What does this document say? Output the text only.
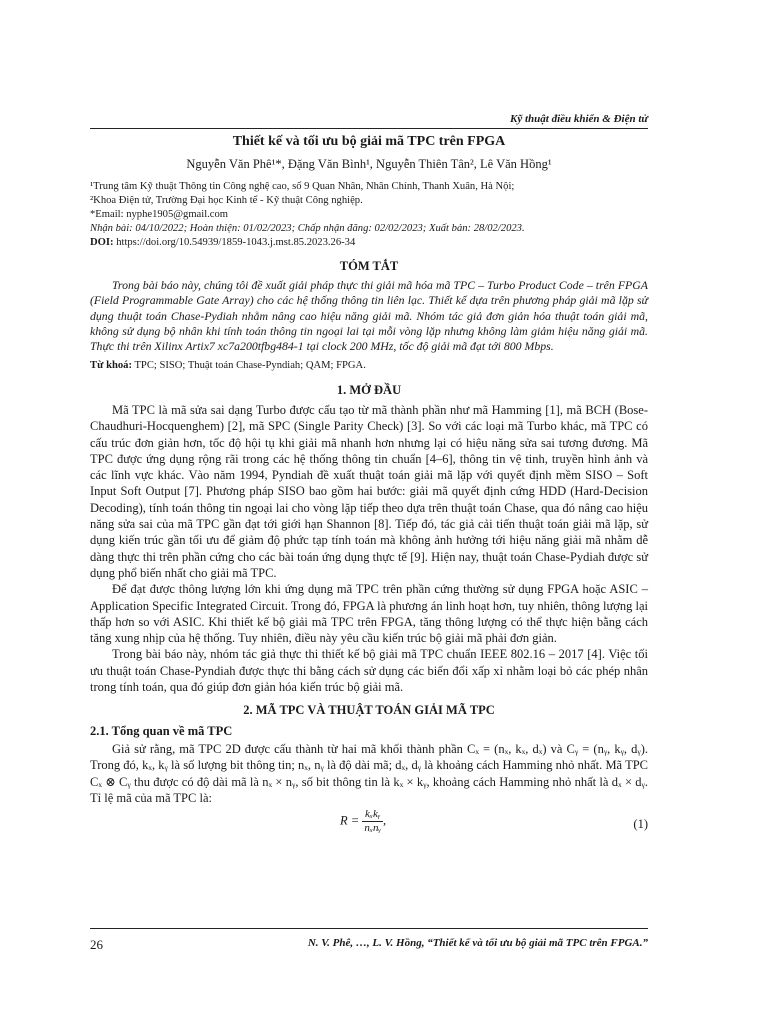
Kỹ thuật điều khiển & Điện tử
Thiết kế và tối ưu bộ giải mã TPC trên FPGA
Nguyễn Văn Phê¹*, Đặng Văn Bình¹, Nguyễn Thiên Tân², Lê Văn Hồng¹

¹Trung tâm Kỹ thuật Thông tin Công nghệ cao, số 9 Quan Nhân, Nhân Chính, Thanh Xuân, Hà Nội;

²Khoa Điện tử, Trường Đại học Kinh tế - Kỹ thuật Công nghiệp.

*Email: nyphe1905@gmail.com

Nhận bài: 04/10/2022; Hoàn thiện: 01/02/2023; Chấp nhận đăng: 02/02/2023; Xuất bản: 28/02/2023.

DOI: https://doi.org/10.54939/1859-1043.j.mst.85.2023.26-34

TÓM TẮT

Trong bài báo này, chúng tôi đề xuất giải pháp thực thi giải mã hóa mã TPC – Turbo Product Code – trên FPGA (Field Programmable Gate Array) cho các hệ thống thông tin liên lạc. Thiết kế dựa trên phương pháp giải mã lặp sử dụng thuật toán Chase-Pydiah nhằm nâng cao hiệu năng giải mã. Nhóm tác giả đơn giản hóa thuật toán giải mã, không sử dụng bộ nhân khi tính toán thông tin ngoại lai tại mỗi vòng lặp nhưng không làm giảm hiệu năng giải mã. Thực thi trên Xilinx Artix7 xc7a200tfbg484-1 tại clock 200 MHz, tốc độ giải mã đạt tới 800 Mbps.

Từ khoá: TPC; SISO; Thuật toán Chase-Pyndiah; QAM; FPGA.

1. MỞ ĐẦU

Mã TPC là mã sửa sai dạng Turbo được cấu tạo từ mã thành phần như mã Hamming [1], mã BCH (Bose-Chaudhuri-Hocquenghem) [2], mã SPC (Single Parity Check) [3]. So với các loại mã Turbo khác, mã TPC có cấu trúc đơn giản hơn, tốc độ hội tụ khi giải mã nhanh hơn nhưng lại có hiệu năng sửa sai tương đương. Mã TPC được ứng dụng rộng rãi trong các hệ thống thông tin chuẩn [4–6], thông tin vệ tinh, truyền hình ảnh và các lĩnh vực khác. Vào năm 1994, Pyndiah đề xuất thuật toán giải mã lặp với quyết định mềm SISO – Soft Input Soft Output [7]. Phương pháp SISO bao gồm hai bước: giải mã quyết định cứng HDD (Hard-Decision Decoding), tính toán thông tin ngoại lai cho vòng lặp tiếp theo dựa trên thuật toán Chase, qua đó nâng cao hiệu năng sửa sai của mã TPC gần đạt tới giới hạn Shannon [8]. Tiếp đó, tác giả cải tiến thuật toán giải mã lặp, sử dụng kiến trúc gần tối ưu để giảm độ phức tạp tính toán mà không ảnh hưởng tới hiệu năng giải mã nhằm dễ dàng thực thi trên phần cứng cho các bài toán ứng dụng thực tế [9]. Hiện nay, thuật toán Chase-Pydiah được sử dụng phổ biến nhất cho giải mã TPC.

Để đạt được thông lượng lớn khi ứng dụng mã TPC trên phần cứng thường sử dụng FPGA hoặc ASIC – Application Specific Integrated Circuit. Trong đó, FPGA là phương án linh hoạt hơn, tuy nhiên, thông lượng lại thấp hơn so với ASIC. Khi thiết kế bộ giải mã TPC trên FPGA, tăng thông lượng có thể thực hiện bằng cách tăng xung nhịp của hệ thống. Tuy nhiên, điều này yêu cầu kiến trúc bộ giải mã phải đơn giản.

Trong bài báo này, nhóm tác giả thực thi thiết kế bộ giải mã TPC chuẩn IEEE 802.16 – 2017 [4]. Việc tối ưu thuật toán Chase-Pyndiah được thực thi bằng cách sử dụng các biến đổi xấp xỉ nhằm loại bỏ các phép nhân trong tính toán, qua đó giúp đơn giản hóa kiến trúc bộ giải mã.

2. MÃ TPC VÀ THUẬT TOÁN GIẢI MÃ TPC
2.1. Tổng quan về mã TPC

Giả sử rằng, mã TPC 2D được cấu thành từ hai mã khối thành phần Cₓ = (nₓ, kₓ, dₓ) và Cᵧ = (nᵧ, kᵧ, dᵧ). Trong đó, kₓ, kᵧ là số lượng bit thông tin; nₓ, nᵧ là độ dài mã; dₓ, dᵧ là khoảng cách Hamming nhỏ nhất. Mã TPC Cₓ ⊗ Cᵧ thu được có độ dài mã là nₓ × nᵧ, số bit thông tin là kₓ × kᵧ, khoảng cách Hamming nhỏ nhất là dₓ × dᵧ. Tỉ lệ mã của mã TPC là:

$R = \frac{\text{kₓkᵧ}}{\text{nₓnᵧ}}$ ,	(1)
26	N. V. Phê, …, L. V. Hồng, “Thiết kế và tối ưu bộ giải mã TPC trên FPGA.”
